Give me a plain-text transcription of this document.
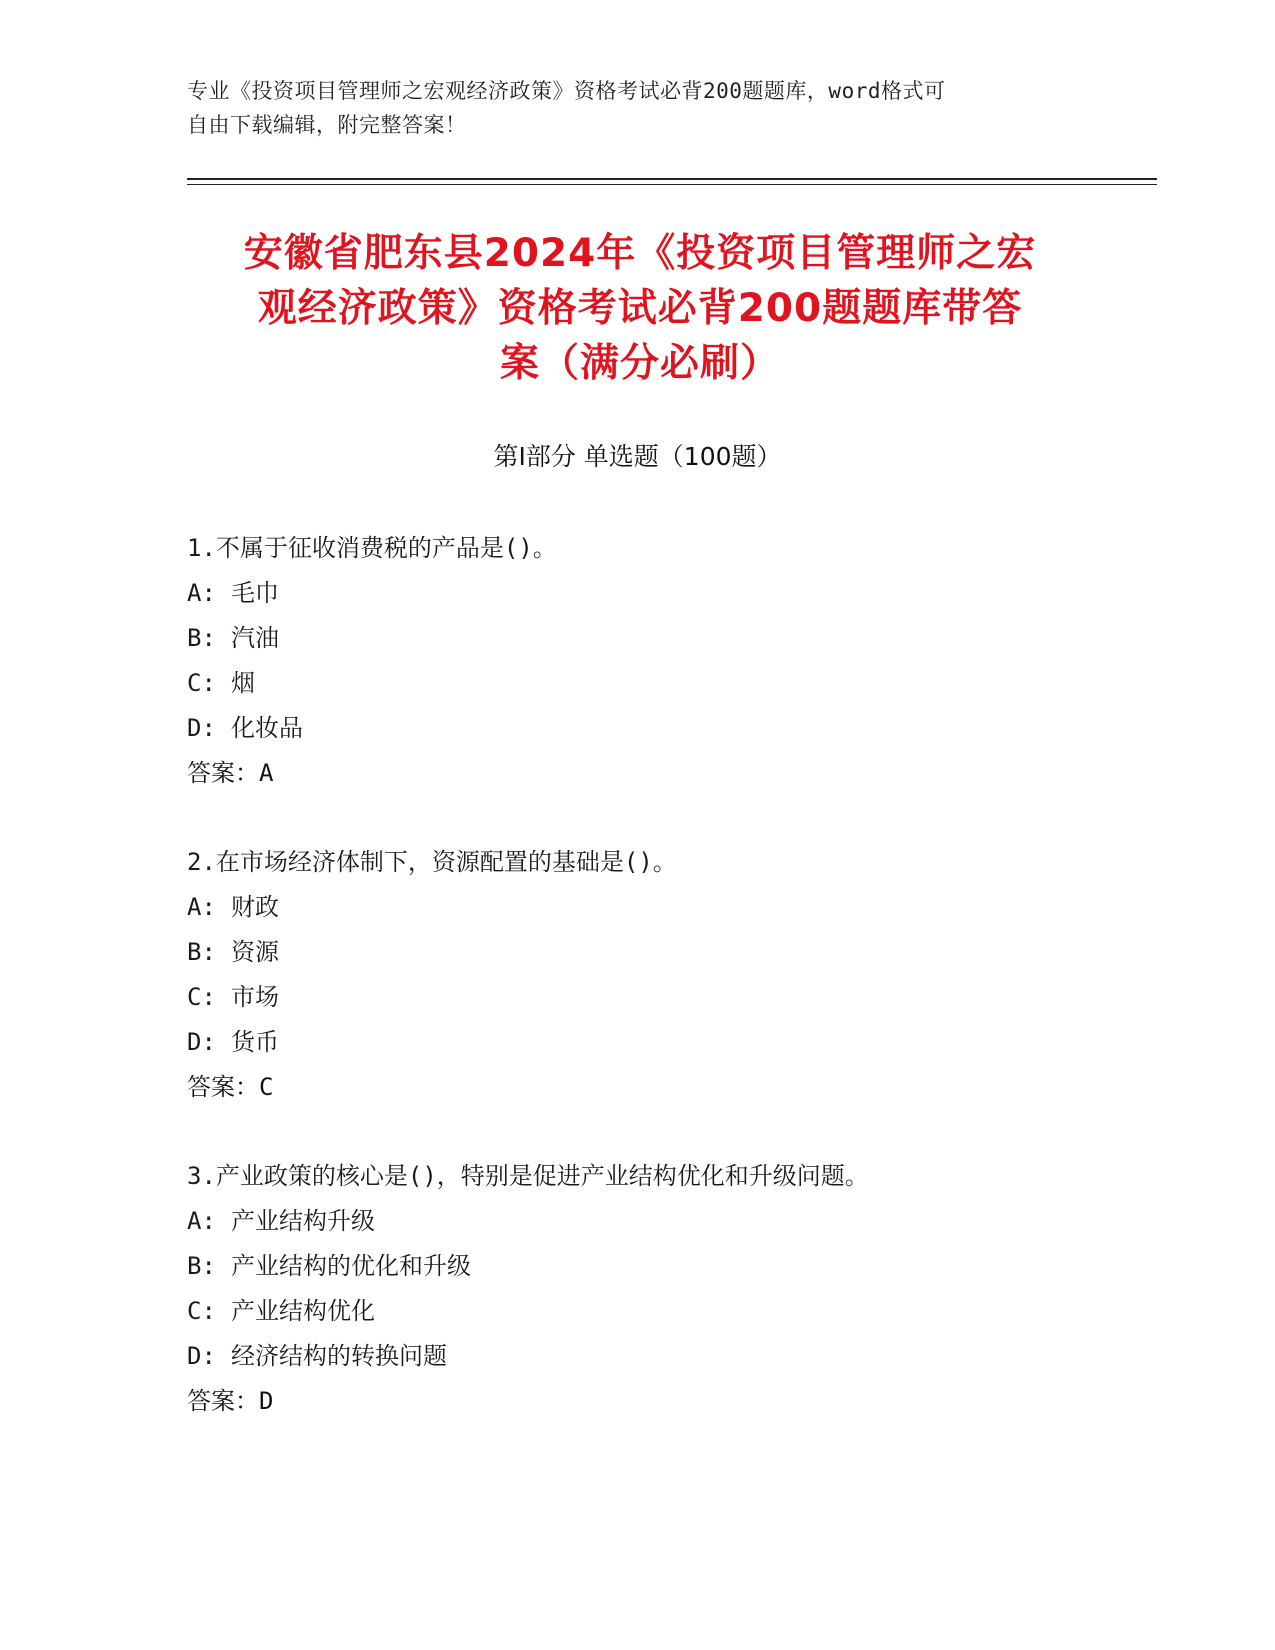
专业《投资项目管理师之宏观经济政策》资格考试必背200题题库，word格式可
自由下载编辑，附完整答案！
安徽省肥东县2024年《投资项目管理师之宏
观经济政策》资格考试必背200题题库带答
案（满分必刷）
第Ⅰ部分 单选题（100题）
1.不属于征收消费税的产品是()。
A: 毛巾
B: 汽油
C: 烟
D: 化妆品
答案：A
2.在市场经济体制下，资源配置的基础是()。
A: 财政
B: 资源
C: 市场
D: 货币
答案：C
3.产业政策的核心是()，特别是促进产业结构优化和升级问题。
A: 产业结构升级
B: 产业结构的优化和升级
C: 产业结构优化
D: 经济结构的转换问题
答案：D
